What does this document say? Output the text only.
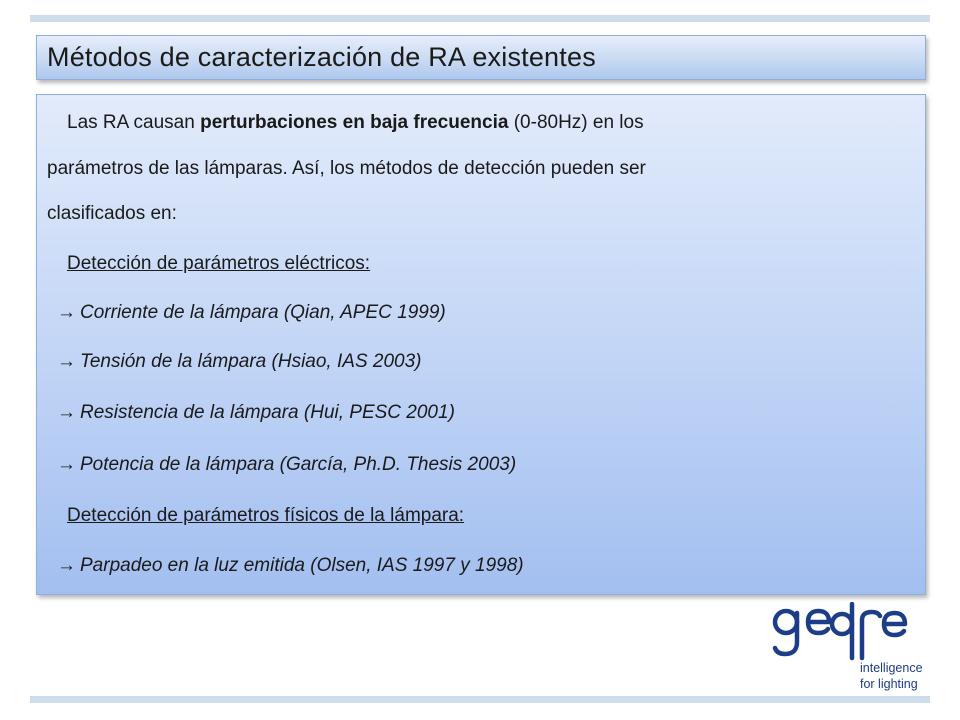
Métodos de caracterización de RA existentes
Las RA causan perturbaciones en baja frecuencia (0-80Hz) en los
parámetros de las lámparas. Así, los métodos de detección pueden ser
clasificados en:
Detección de parámetros eléctricos:
→ Corriente de la lámpara (Qian, APEC 1999)
→ Tensión de la lámpara (Hsiao, IAS 2003)
→ Resistencia de la lámpara (Hui, PESC 2001)
→ Potencia de la lámpara (García, Ph.D. Thesis 2003)
Detección de parámetros físicos de la lámpara:
→ Parpadeo en la luz emitida (Olsen, IAS 1997 y 1998)
intelligence
for lighting
